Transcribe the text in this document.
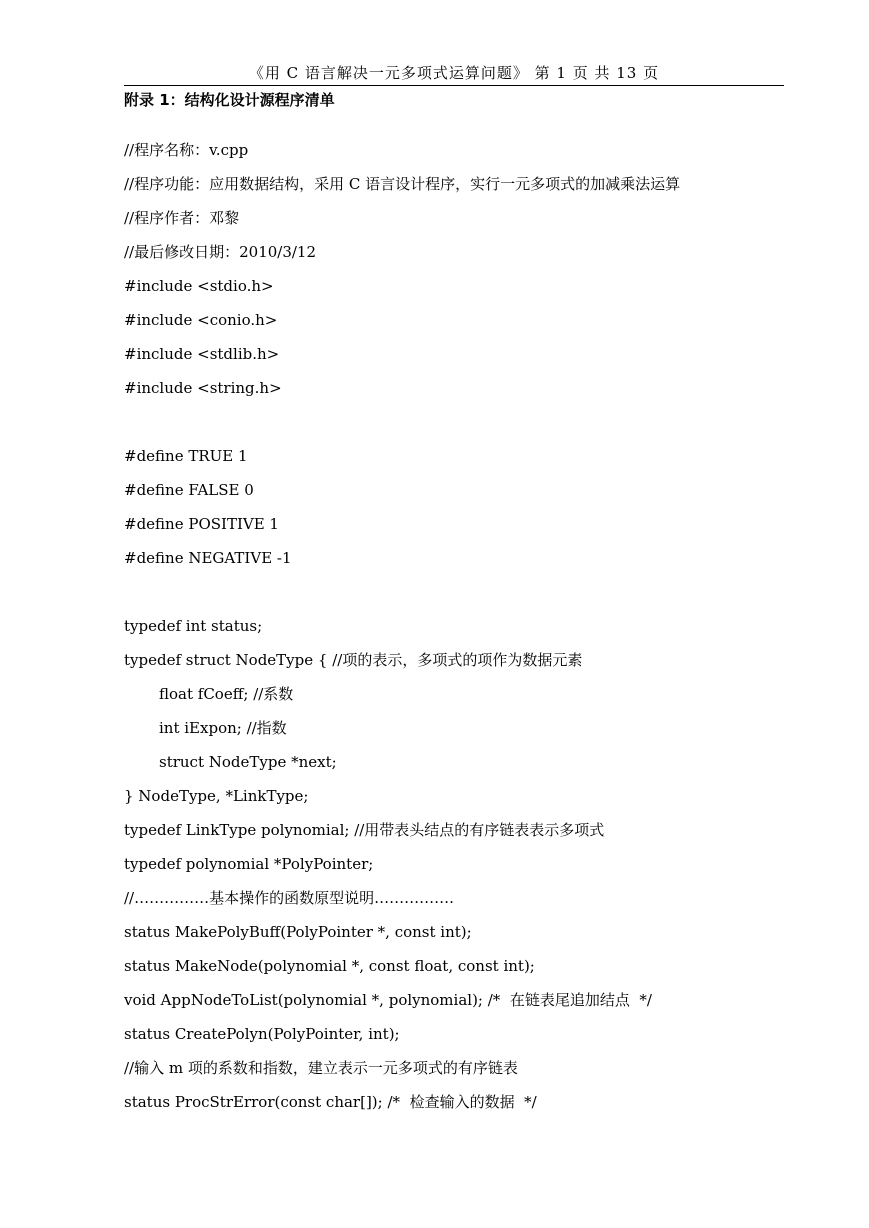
《用 C 语言解决一元多项式运算问题》 第 1 页 共 13 页
附录 1：结构化设计源程序清单
//程序名称：v.cpp
//程序功能：应用数据结构，采用 C 语言设计程序，实行一元多项式的加减乘法运算
//程序作者：邓黎
//最后修改日期：2010/3/12
#include <stdio.h>
#include <conio.h>
#include <stdlib.h>
#include <string.h>
#define TRUE 1
#define FALSE 0
#define POSITIVE 1
#define NEGATIVE -1
typedef int status;
typedef struct NodeType { //项的表示，多项式的项作为数据元素
float fCoeff; //系数
int iExpon; //指数
struct NodeType *next;
} NodeType, *LinkType;
typedef LinkType polynomial; //用带表头结点的有序链表表示多项式
typedef polynomial *PolyPointer;
//……………基本操作的函数原型说明…………….
status MakePolyBuff(PolyPointer *, const int);
status MakeNode(polynomial *, const float, const int);
void AppNodeToList(polynomial *, polynomial); /*  在链表尾追加结点  */
status CreatePolyn(PolyPointer, int);
//输入 m 项的系数和指数，建立表示一元多项式的有序链表
status ProcStrError(const char[]); /*  检查输入的数据  */
